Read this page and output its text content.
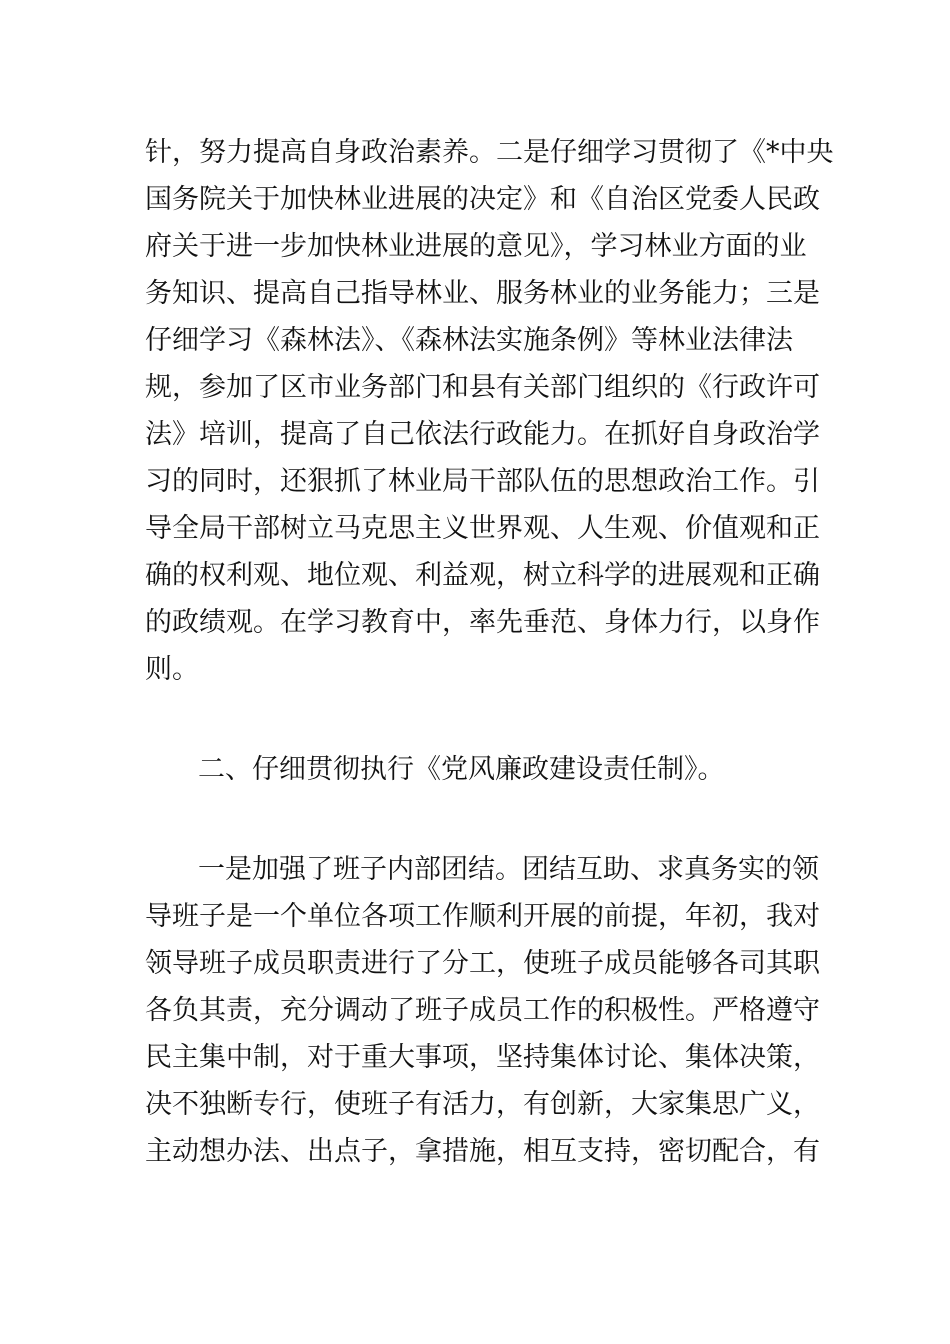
针，努力提高自身政治素养。二是仔细学习贯彻了《*中央
国务院关于加快林业进展的决定》和《自治区党委人民政
府关于进一步加快林业进展的意见》，学习林业方面的业
务知识、提高自己指导林业、服务林业的业务能力；三是
仔细学习《森林法》、《森林法实施条例》等林业法律法
规，参加了区市业务部门和县有关部门组织的《行政许可
法》培训，提高了自己依法行政能力。在抓好自身政治学
习的同时，还狠抓了林业局干部队伍的思想政治工作。引
导全局干部树立马克思主义世界观、人生观、价值观和正
确的权利观、地位观、利益观，树立科学的进展观和正确
的政绩观。在学习教育中，率先垂范、身体力行，以身作
则。
二、仔细贯彻执行《党风廉政建设责任制》。
一是加强了班子内部团结。团结互助、求真务实的领
导班子是一个单位各项工作顺利开展的前提，年初，我对
领导班子成员职责进行了分工，使班子成员能够各司其职
各负其责，充分调动了班子成员工作的积极性。严格遵守
民主集中制，对于重大事项，坚持集体讨论、集体决策，
决不独断专行，使班子有活力，有创新，大家集思广义，
主动想办法、出点子，拿措施，相互支持，密切配合，有
